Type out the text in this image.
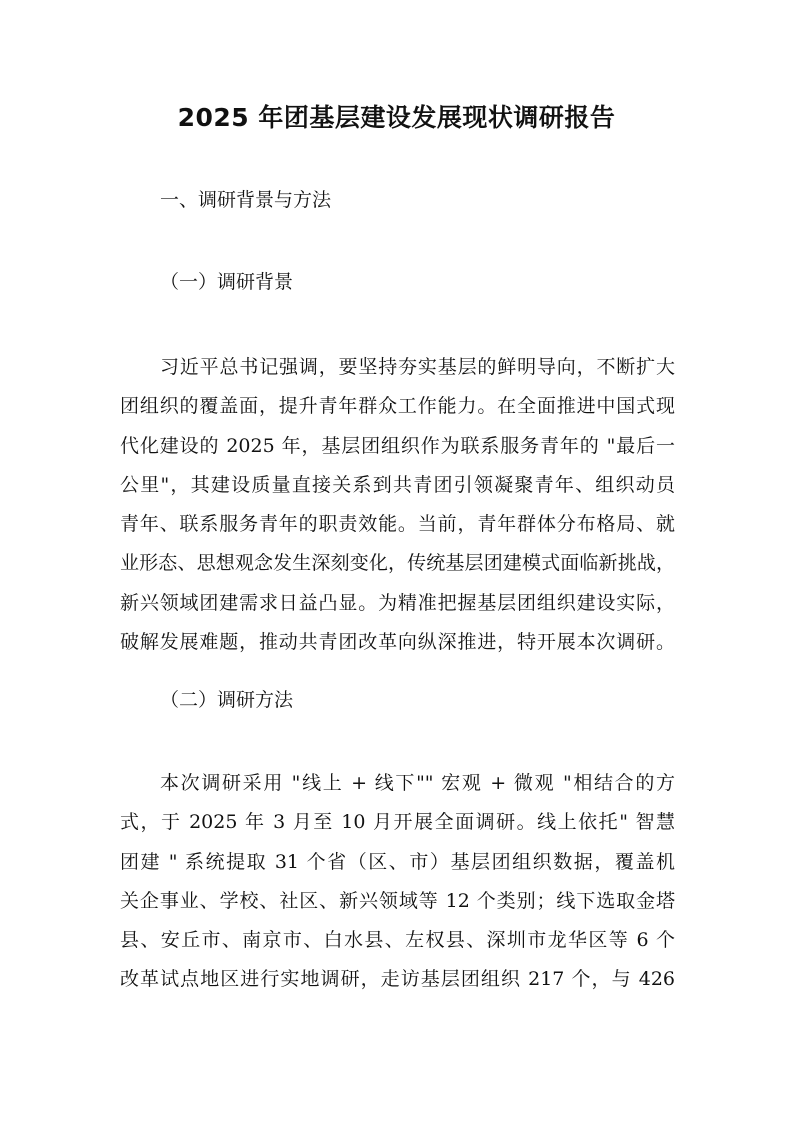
2025 年团基层建设发展现状调研报告
一、调研背景与方法
（一）调研背景
习近平总书记强调，要坚持夯实基层的鲜明导向，不断扩大
团组织的覆盖面，提升青年群众工作能力。在全面推进中国式现
代化建设的 2025 年，基层团组织作为联系服务青年的 "最后一
公里"，其建设质量直接关系到共青团引领凝聚青年、组织动员
青年、联系服务青年的职责效能。当前，青年群体分布格局、就
业形态、思想观念发生深刻变化，传统基层团建模式面临新挑战，
新兴领域团建需求日益凸显。为精准把握基层团组织建设实际，
破解发展难题，推动共青团改革向纵深推进，特开展本次调研。
（二）调研方法
本次调研采用 "线上 + 线下"" 宏观 + 微观 "相结合的方
式，于 2025 年 3 月至 10 月开展全面调研。线上依托" 智慧
团建 " 系统提取 31 个省（区、市）基层团组织数据，覆盖机
关企事业、学校、社区、新兴领域等 12 个类别；线下选取金塔
县、安丘市、南京市、白水县、左权县、深圳市龙华区等 6 个
改革试点地区进行实地调研，走访基层团组织 217 个，与 426
